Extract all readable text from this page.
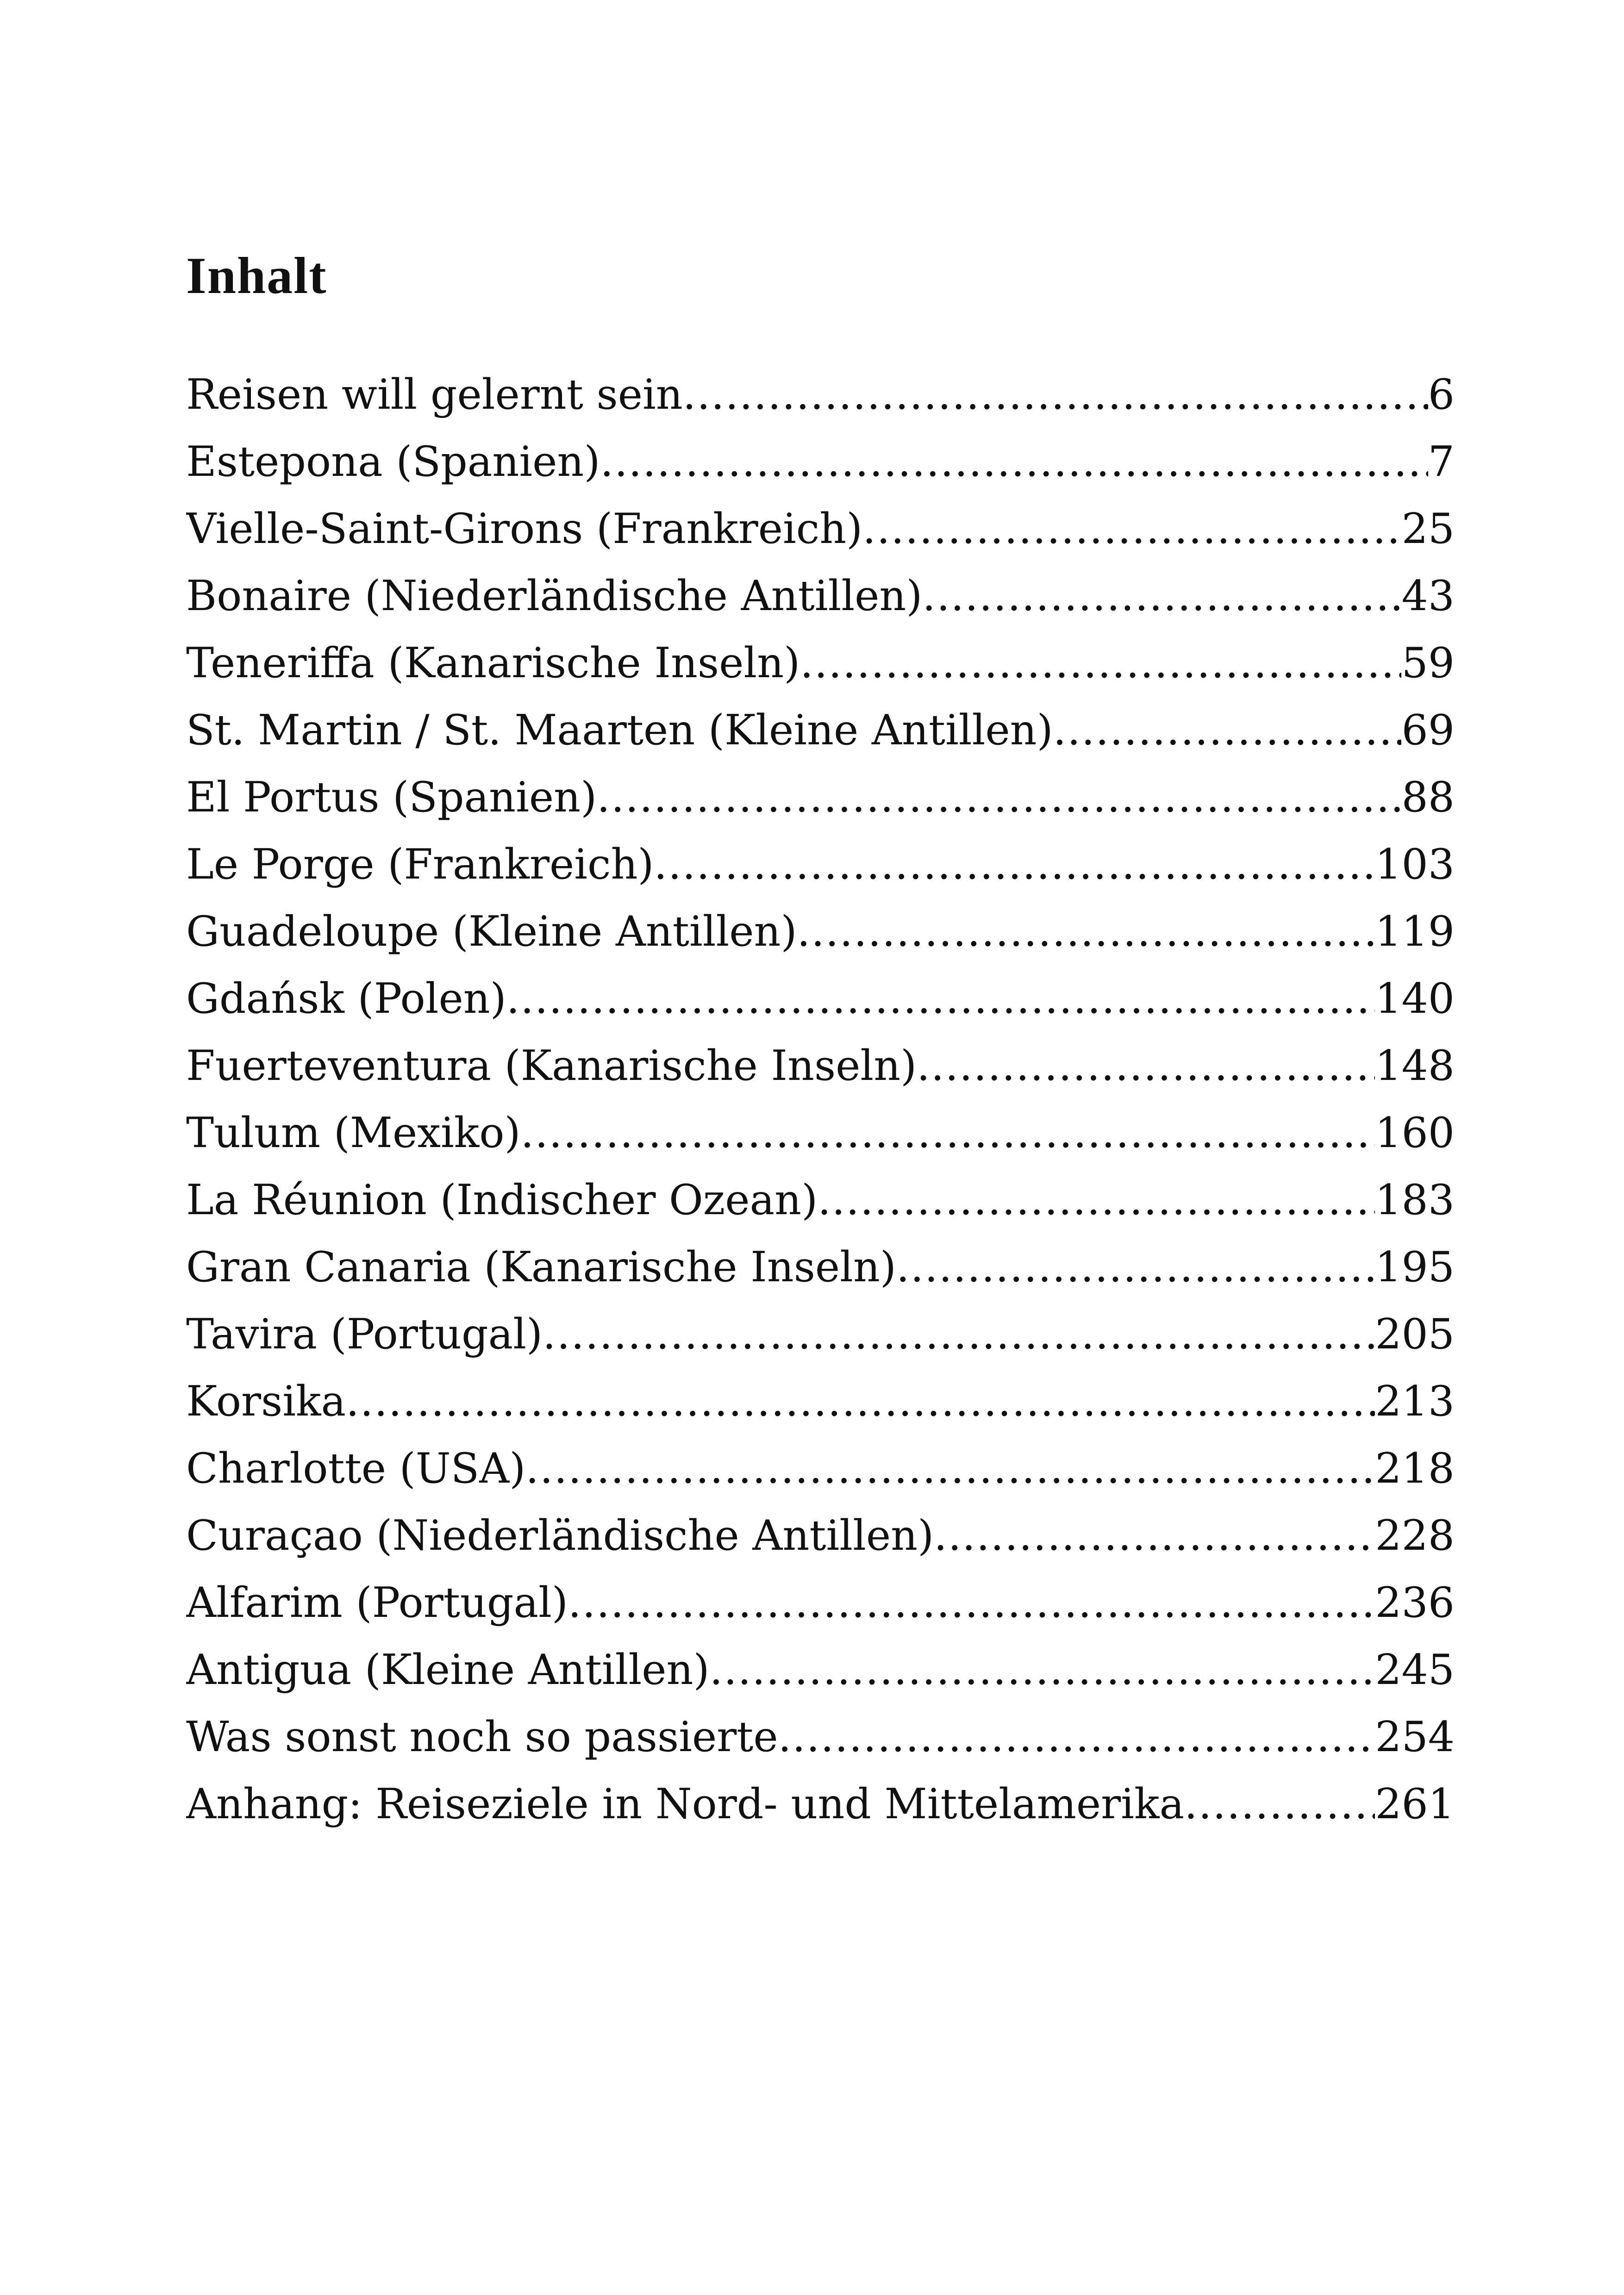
Inhalt
Reisen will gelernt sein .....	6
Estepona (Spanien) .....	7
Vielle-Saint-Girons (Frankreich) .....	25
Bonaire (Niederländische Antillen) .....	43
Teneriffa (Kanarische Inseln) .....	59
St. Martin / St. Maarten (Kleine Antillen) .....	69
El Portus (Spanien) .....	88
Le Porge (Frankreich) .....	103
Guadeloupe (Kleine Antillen) .....	119
Gdańsk (Polen) .....	140
Fuerteventura (Kanarische Inseln) .....	148
Tulum (Mexiko) .....	160
La Réunion (Indischer Ozean) .....	183
Gran Canaria (Kanarische Inseln) .....	195
Tavira (Portugal) .....	205
Korsika .....	213
Charlotte (USA) .....	218
Curaçao (Niederländische Antillen) .....	228
Alfarim (Portugal) .....	236
Antigua (Kleine Antillen) .....	245
Was sonst noch so passierte .....	254
Anhang: Reiseziele in Nord- und Mittelamerika .....	261
